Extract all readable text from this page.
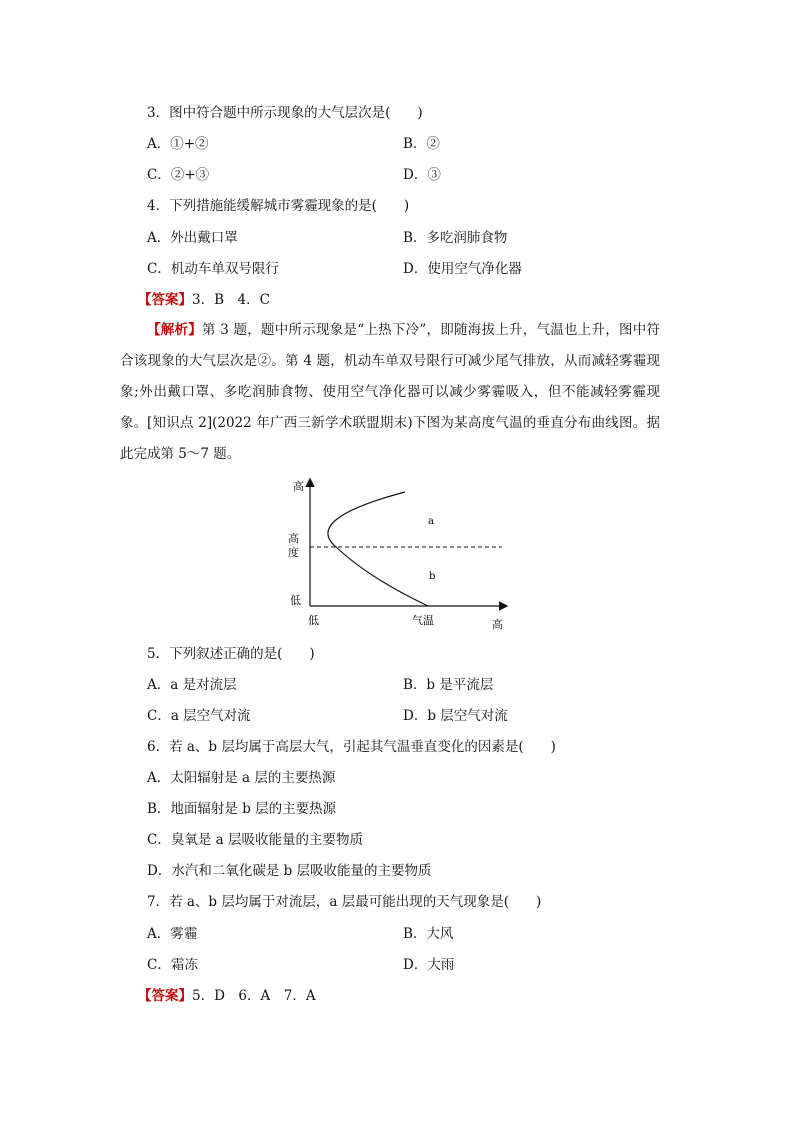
3．图中符合题中所示现象的大气层次是(　　)
A．①+②	B．②
C．②+③	D．③
4．下列措施能缓解城市雾霾现象的是(　　)
A．外出戴口罩	B．多吃润肺食物
C．机动车单双号限行	D．使用空气净化器
【答案】3．B　4．C
【解析】第 3 题，题中所示现象是“上热下冷”，即随海拔上升，气温也上升，图中符合该现象的大气层次是②。第 4 题，机动车单双号限行可减少尾气排放，从而减轻雾霾现象;外出戴口罩、多吃润肺食物、使用空气净化器可以减少雾霾吸入，但不能减轻雾霾现象。 [知识点 2](2022 年广西三新学术联盟期末)下图为某高度气温的垂直分布曲线图。据此完成第 5～7 题。
高
高
度
低
低	气温	高
a
b
5．下列叙述正确的是(　　)
A．a 是对流层	B．b 是平流层
C．a 层空气对流	D．b 层空气对流
6．若 a、b 层均属于高层大气，引起其气温垂直变化的因素是(　　)
A．太阳辐射是 a 层的主要热源
B．地面辐射是 b 层的主要热源
C．臭氧是 a 层吸收能量的主要物质
D．水汽和二氧化碳是 b 层吸收能量的主要物质
7．若 a、b 层均属于对流层，a 层最可能出现的天气现象是(　　)
A．雾霾	B．大风
C．霜冻	D．大雨
【答案】5．D　6．A　7．A
